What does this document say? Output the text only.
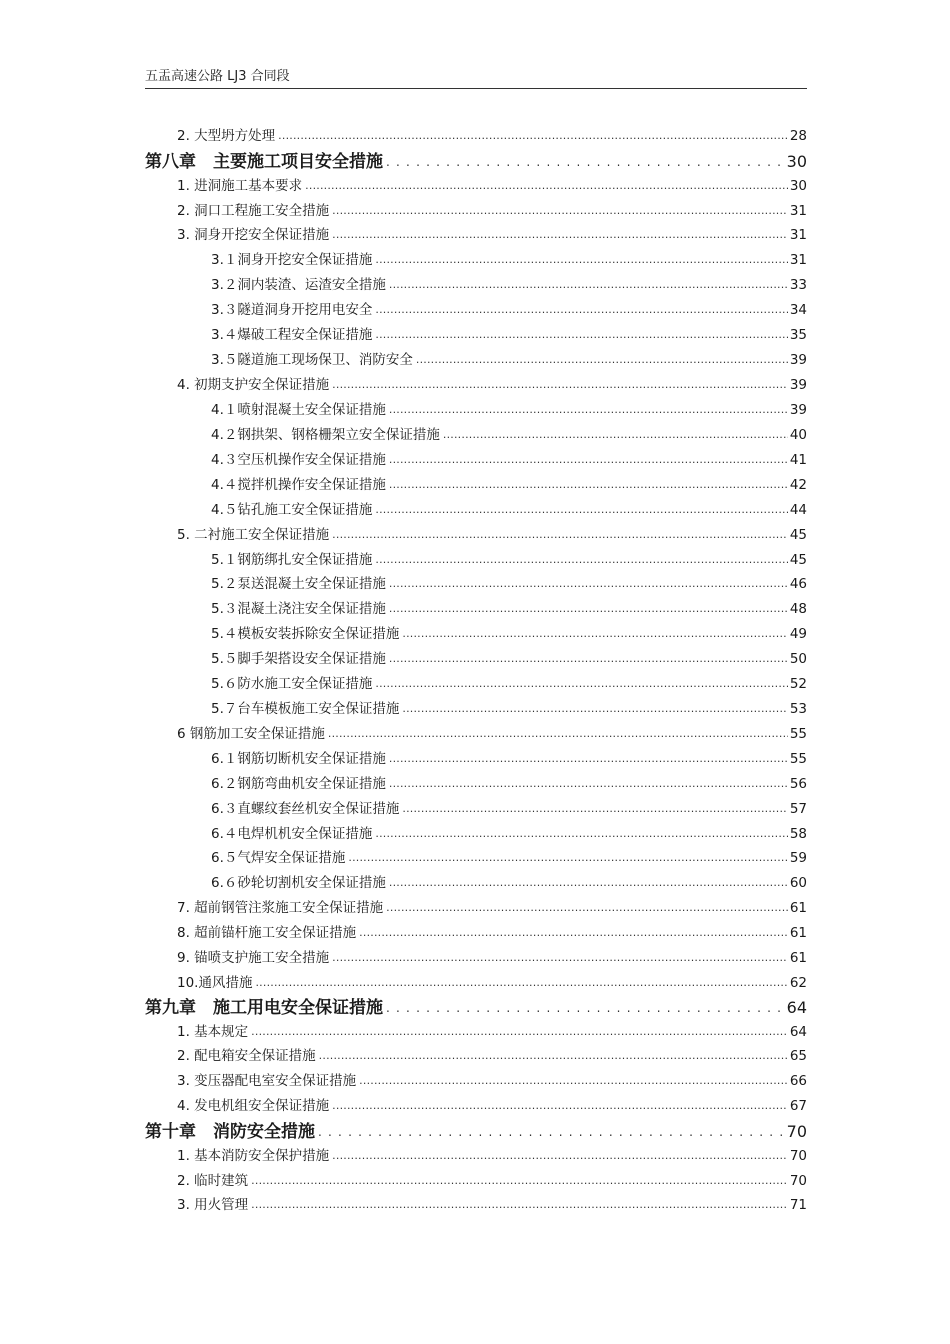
五盂高速公路 LJ3 合同段
2. 大型坍方处理 .....	28
第八章　主要施工项目安全措施 . . .	30
1. 进洞施工基本要求 .....	30
2. 洞口工程施工安全措施 .....	31
3. 洞身开挖安全保证措施 .....	31
3.１洞身开挖安全保证措施 .....	31
3.２洞内装渣、运渣安全措施 .....	33
3.３隧道洞身开挖用电安全 .....	34
3.４爆破工程安全保证措施 .....	35
3.５隧道施工现场保卫、消防安全 .....	39
4. 初期支护安全保证措施 .....	39
4.１喷射混凝土安全保证措施 .....	39
4.２钢拱架、钢格栅架立安全保证措施 .....	40
4.３空压机操作安全保证措施 .....	41
4.４搅拌机操作安全保证措施 .....	42
4.５钻孔施工安全保证措施 .....	44
5. 二衬施工安全保证措施 .....	45
5.１钢筋绑扎安全保证措施 .....	45
5.２泵送混凝土安全保证措施 .....	46
5.３混凝土浇注安全保证措施 .....	48
5.４模板安装拆除安全保证措施 .....	49
5.５脚手架搭设安全保证措施 .....	50
5.６防水施工安全保证措施 .....	52
5.７台车模板施工安全保证措施 .....	53
6 钢筋加工安全保证措施 .....	55
6.１钢筋切断机安全保证措施 .....	55
6.２钢筋弯曲机安全保证措施 .....	56
6.３直螺纹套丝机安全保证措施 .....	57
6.４电焊机机安全保证措施 .....	58
6.５气焊安全保证措施 .....	59
6.６砂轮切割机安全保证措施 .....	60
7. 超前钢管注浆施工安全保证措施 .....	61
8. 超前锚杆施工安全保证措施 .....	61
9. 锚喷支护施工安全措施 .....	61
10.通风措施 .....	62
第九章　施工用电安全保证措施 . . .	64
1. 基本规定 .....	64
2. 配电箱安全保证措施 .....	65
3. 变压器配电室安全保证措施 .....	66
4. 发电机组安全保证措施 .....	67
第十章　消防安全措施 . . .	70
1. 基本消防安全保护措施 .....	70
2. 临时建筑 .....	70
3. 用火管理 .....	71
